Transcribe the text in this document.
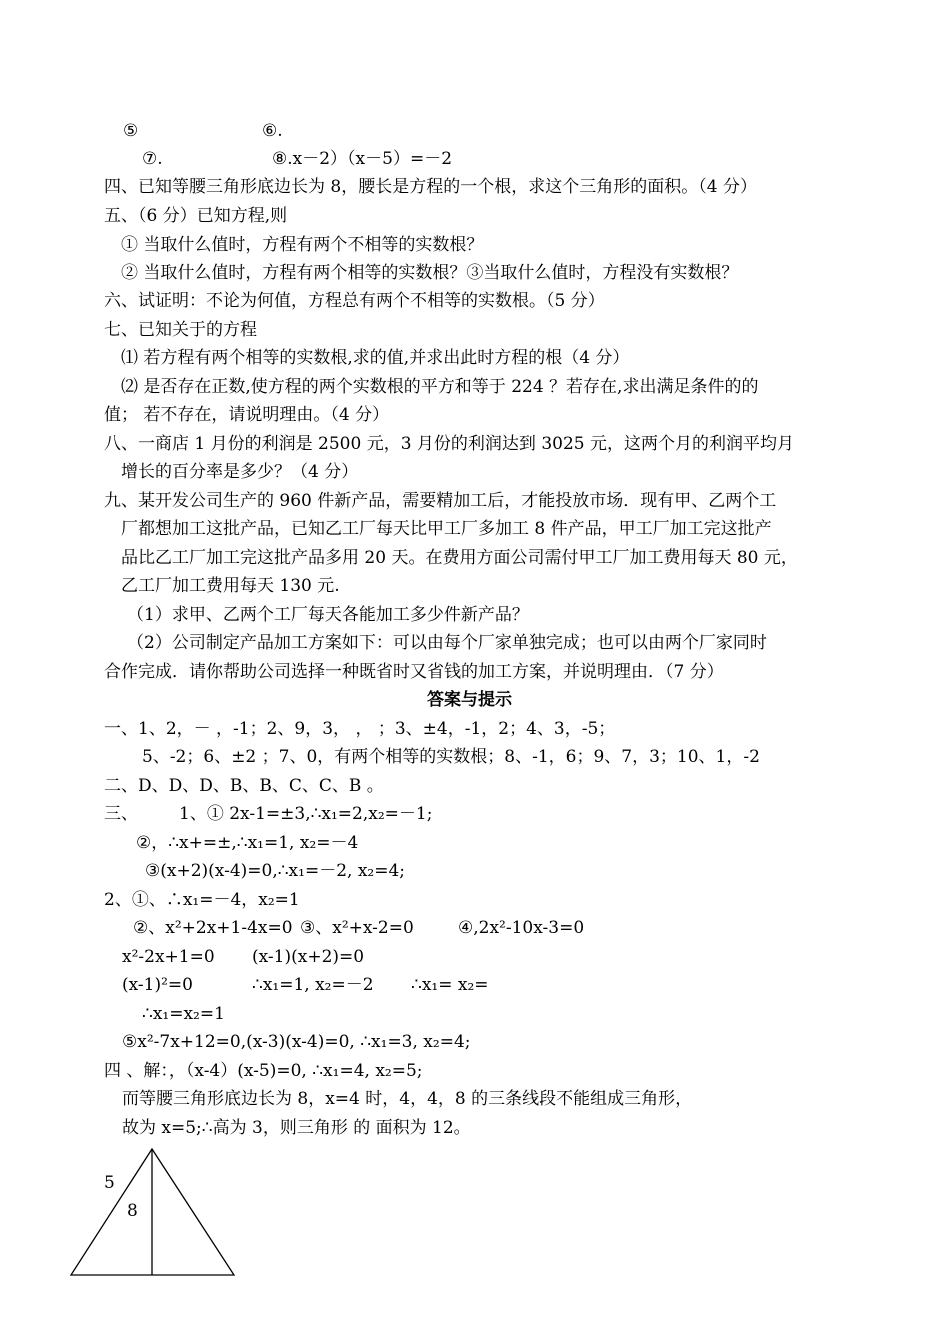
⑤	⑥.
⑦.	⑧.x－2）（x－5）=－2
四、已知等腰三角形底边长为 8，腰长是方程的一个根，求这个三角形的面积。（4 分）
五、（6 分）已知方程,则
① 当取什么值时，方程有两个不相等的实数根？
② 当取什么值时，方程有两个相等的实数根？③当取什么值时，方程没有实数根？
六、试证明：不论为何值，方程总有两个不相等的实数根。（5 分）
七、已知关于的方程
⑴ 若方程有两个相等的实数根,求的值,并求出此时方程的根（4 分）
⑵ 是否存在正数,使方程的两个实数根的平方和等于 224 ？若存在,求出满足条件的的
值； 若不存在，请说明理由。（4 分）
八、一商店 1 月份的利润是 2500 元，3 月份的利润达到 3025 元，这两个月的利润平均月
增长的百分率是多少？（4 分）
九、某开发公司生产的 960 件新产品，需要精加工后，才能投放市场．现有甲、乙两个工
厂都想加工这批产品，已知乙工厂每天比甲工厂多加工 8 件产品，甲工厂加工完这批产
品比乙工厂加工完这批产品多用 20 天。在费用方面公司需付甲工厂加工费用每天 80 元，
乙工厂加工费用每天 130 元.
（1）求甲、乙两个工厂每天各能加工多少件新产品？
（2）公司制定产品加工方案如下：可以由每个厂家单独完成；也可以由两个厂家同时
合作完成．请你帮助公司选择一种既省时又省钱的加工方案，并说明理由．（7 分）
答案与提示
一、1、2，－ ，-1；2、9，3， ， ；3、±4，-1，2；4、3，-5；
5、-2；6、±2 ；7、0，有两个相等的实数根；8、-1，6；9、7，3；10、1，-2
二、D、D、D、B、B、C、C、B 。
三、 1、① 2x-1=±3,∴x₁=2,x₂=－1;
②，∴x+=±,∴x₁=1, x₂=－4
③(x+2)(x-4)=0,∴x₁=－2, x₂=4;
2、①、∴x₁=－4，x₂=1
②、x²+2x+1-4x=0 ③、x²+x-2=0	④,2x²-10x-3=0
x²-2x+1=0 (x-1)(x+2)=0
(x-1)²=0	∴x₁=1, x₂=－2 ∴x₁= x₂=
∴x₁=x₂=1
⑤x²-7x+12=0,(x-3)(x-4)=0, ∴x₁=3, x₂=4;
四 、解：，（x-4）(x-5)=0, ∴x₁=4, x₂=5;
而等腰三角形底边长为 8，x=4 时，4，4，8 的三条线段不能组成三角形，
故为 x=5;∴高为 3，则三角形 的 面积为 12。
5
8
